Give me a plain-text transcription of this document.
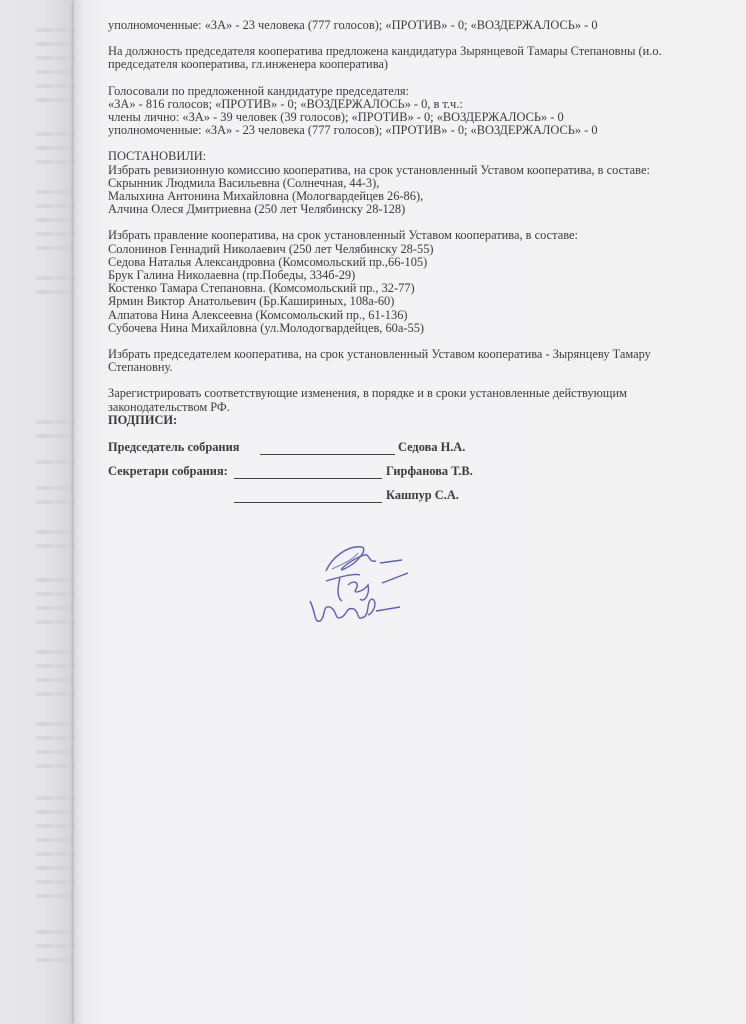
уполномоченные: «ЗА» - 23 человека (777 голосов); «ПРОТИВ» - 0; «ВОЗДЕРЖАЛОСЬ» - 0

На должность председателя кооператива предложена кандидатура Зырянцевой Тамары Степановны (и.о.

председателя кооператива, гл.инженера кооператива)

Голосовали по предложенной кандидатуре председателя:

«ЗА» - 816 голосов; «ПРОТИВ» - 0; «ВОЗДЕРЖАЛОСЬ» - 0, в т.ч.:

члены лично: «ЗА» - 39 человек (39 голосов); «ПРОТИВ» - 0; «ВОЗДЕРЖАЛОСЬ» - 0

уполномоченные: «ЗА» - 23 человека (777 голосов); «ПРОТИВ» - 0; «ВОЗДЕРЖАЛОСЬ» - 0

ПОСТАНОВИЛИ:

Избрать ревизионную комиссию кооператива, на срок установленный Уставом кооператива, в составе:

Скрынник Людмила Васильевна (Солнечная, 44-3),

Малыхина Антонина Михайловна (Мологвардейцев 26-86),

Алчина Олеся Дмитриевна (250 лет Челябинску 28-128)

Избрать правление кооператива, на срок установленный Уставом кооператива, в составе:

Солонинов Геннадий Николаевич (250 лет Челябинску 28-55)

Седова Наталья Александровна (Комсомольский пр.,66-105)

Брук Галина Николаевна (пр.Победы, 334б-29)

Костенко Тамара Степановна. (Комсомольский пр., 32-77)

Ярмин Виктор Анатольевич (Бр.Кашириных, 108а-60)

Алпатова Нина Алексеевна (Комсомольский пр., 61-136)

Субочева Нина Михайловна (ул.Молодогвардейцев, 60а-55)

Избрать председателем кооператива, на срок установленный Уставом кооператива - Зырянцеву Тамару

Степановну.

Зарегистрировать соответствующие изменения, в порядке и в сроки установленные действующим

законодательством РФ.

ПОДПИСИ:

Председатель собрания	Седова Н.А.
Секретари собрания:	Гирфанова Т.В.
Кашпур С.А.
